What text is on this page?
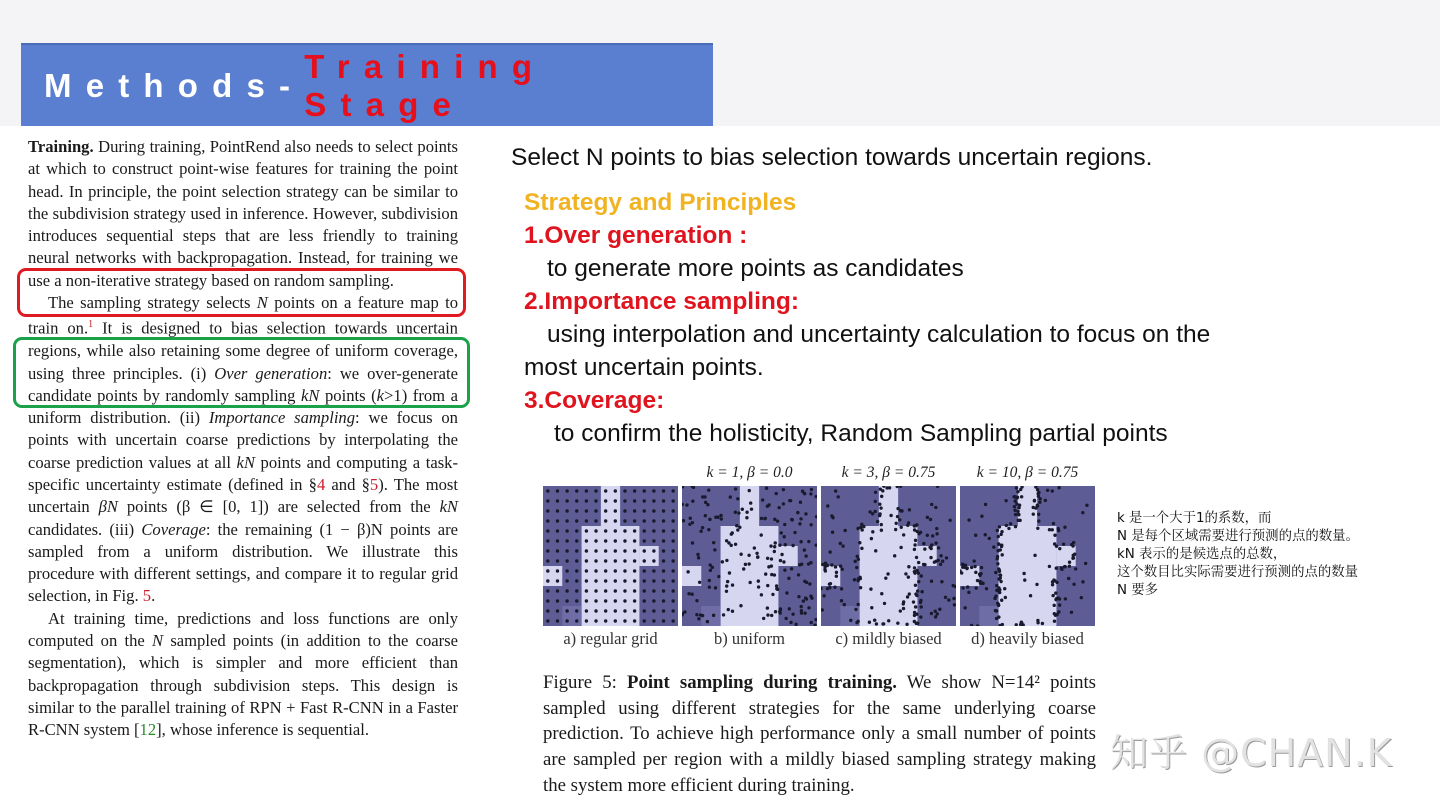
Methods-
Training Stage

Training. During training, PointRend also needs to select points at which to construct point-wise features for training the point head. In principle, the point selection strategy can be similar to the subdivision strategy used in inference. However, subdivision introduces sequential steps that are less friendly to training neural networks with backpropagation. Instead, for training we use a non-iterative strategy based on random sampling.

The sampling strategy selects N points on a feature map to train on.$^1$ It is designed to bias selection towards uncertain regions, while also retaining some degree of uniform coverage, using three principles. (i) Over generation: we over-generate candidate points by randomly sampling kN points (k>1) from a uniform distribution. (ii) Importance sampling: we focus on points with uncertain coarse predictions by interpolating the coarse prediction values at all kN points and computing a task-specific uncertainty estimate (defined in §4 and §5). The most uncertain βN points (β ∈ [0, 1]) are selected from the kN candidates. (iii) Coverage: the remaining (1 − β)N points are sampled from a uniform distribution. We illustrate this procedure with different settings, and compare it to regular grid selection, in Fig. 5.

At training time, predictions and loss functions are only computed on the N sampled points (in addition to the coarse segmentation), which is simpler and more efficient than backpropagation through subdivision steps. This design is similar to the parallel training of RPN + Fast R-CNN in a Faster R-CNN system [12], whose inference is sequential.

Select N points to bias selection towards uncertain regions.
Strategy and Principles
1.Over generation :
to generate more points as candidates
2.Importance sampling:
using interpolation and uncertainty calculation to focus on the
most uncertain points.
3.Coverage:
to confirm the holisticity, Random Sampling partial points
k = 1, β = 0.0	k = 3, β = 0.75	k = 10, β = 0.75
a) regular grid	b) uniform	c) mildly biased	d) heavily biased
Figure 5: Point sampling during training. We show N=14² points sampled using different strategies for the same underlying coarse prediction. To achieve high performance only a small number of points are sampled per region with a mildly biased sampling strategy making the system more efficient during training.
k 是一个大于1的系数，而
N 是每个区域需要进行预测的点的数量。
kN 表示的是候选点的总数，
这个数目比实际需要进行预测的点的数量
N 要多
知乎 @CHAN.K
